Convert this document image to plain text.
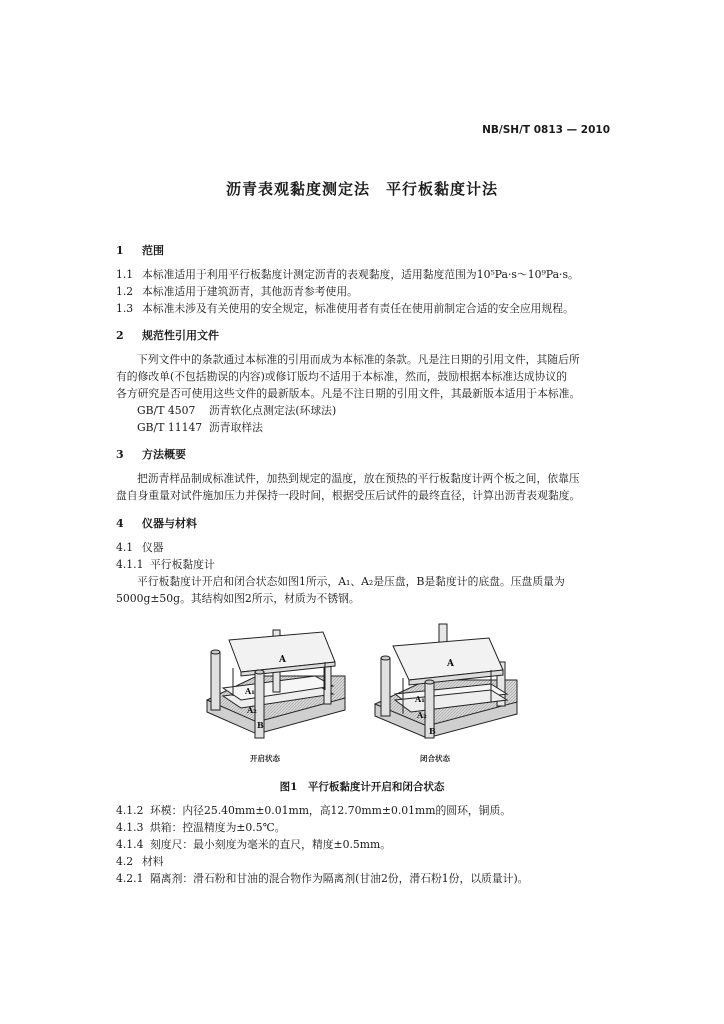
NB/SH/T 0813 — 2010
沥青表观黏度测定法　平行板黏度计法
1 范围
1.1 本标准适用于利用平行板黏度计测定沥青的表观黏度，适用黏度范围为10⁵Pa·s～10⁹Pa·s。
1.2 本标准适用于建筑沥青，其他沥青参考使用。
1.3 本标准未涉及有关使用的安全规定，标准使用者有责任在使用前制定合适的安全应用规程。
2 规范性引用文件
下列文件中的条款通过本标准的引用而成为本标准的条款。凡是注日期的引用文件，其随后所
有的修改单(不包括勘误的内容)或修订版均不适用于本标准，然而，鼓励根据本标准达成协议的
各方研究是否可使用这些文件的最新版本。凡是不注日期的引用文件，其最新版本适用于本标准。
GB/T 4507 沥青软化点测定法(环球法)
GB/T 11147 沥青取样法
3 方法概要
把沥青样品制成标准试件，加热到规定的温度，放在预热的平行板黏度计两个板之间，依靠压
盘自身重量对试件施加压力并保持一段时间，根据受压后试件的最终直径，计算出沥青表观黏度。
4 仪器与材料
4.1 仪器
4.1.1 平行板黏度计
平行板黏度计开启和闭合状态如图1所示，A₁、A₂是压盘，B是黏度计的底盘。压盘质量为
5000g±50g。其结构如图2所示，材质为不锈钢。
A
A₁
A₂
B
A
A₁
A₂
B
开启状态	闭合状态
图1　平行板黏度计开启和闭合状态
4.1.2 环模：内径25.40mm±0.01mm，高12.70mm±0.01mm的圆环，铜质。
4.1.3 烘箱：控温精度为±0.5℃。
4.1.4 刻度尺：最小刻度为毫米的直尺，精度±0.5mm。
4.2 材料
4.2.1 隔离剂：滑石粉和甘油的混合物作为隔离剂(甘油2份，滑石粉1份，以质量计)。
